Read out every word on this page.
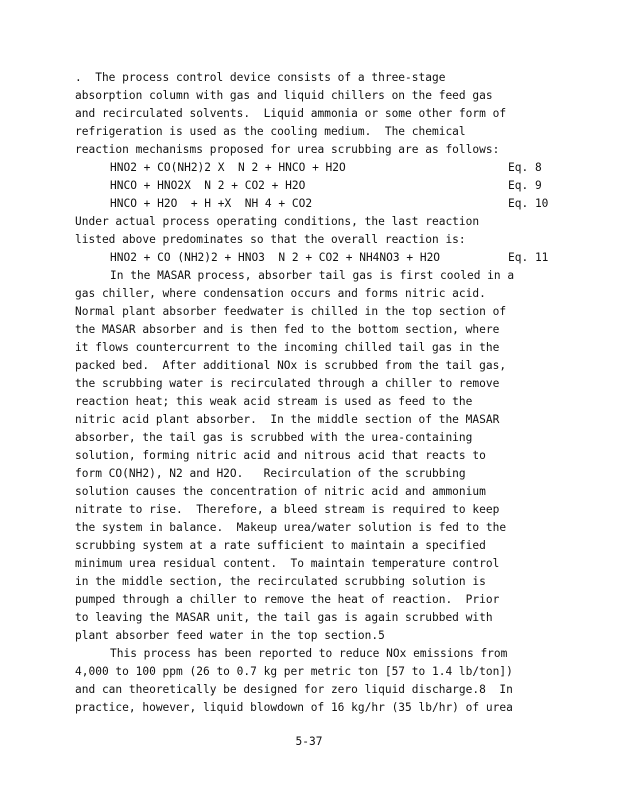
.  The process control device consists of a three-stage
absorption column with gas and liquid chillers on the feed gas
and recirculated solvents.  Liquid ammonia or some other form of
refrigeration is used as the cooling medium.  The chemical
reaction mechanisms proposed for urea scrubbing are as follows:
HNO2 + CO(NH2)2 X  N 2 + HNCO + H2O	Eq. 8
HNCO + HNO2X  N 2 + CO2 + H2O	Eq. 9
HNCO + H2O  + H +X  NH 4 + CO2	Eq. 10
Under actual process operating conditions, the last reaction
listed above predominates so that the overall reaction is:
HNO2 + CO (NH2)2 + HNO3  N 2 + CO2 + NH4NO3 + H2O	Eq. 11
In the MASAR process, absorber tail gas is first cooled in a
gas chiller, where condensation occurs and forms nitric acid.
Normal plant absorber feedwater is chilled in the top section of
the MASAR absorber and is then fed to the bottom section, where
it flows countercurrent to the incoming chilled tail gas in the
packed bed.  After additional NOx is scrubbed from the tail gas,
the scrubbing water is recirculated through a chiller to remove
reaction heat; this weak acid stream is used as feed to the
nitric acid plant absorber.  In the middle section of the MASAR
absorber, the tail gas is scrubbed with the urea-containing
solution, forming nitric acid and nitrous acid that reacts to
form CO(NH2), N2 and H2O.   Recirculation of the scrubbing
solution causes the concentration of nitric acid and ammonium
nitrate to rise.  Therefore, a bleed stream is required to keep
the system in balance.  Makeup urea/water solution is fed to the
scrubbing system at a rate sufficient to maintain a specified
minimum urea residual content.  To maintain temperature control
in the middle section, the recirculated scrubbing solution is
pumped through a chiller to remove the heat of reaction.  Prior
to leaving the MASAR unit, the tail gas is again scrubbed with
plant absorber feed water in the top section.5
This process has been reported to reduce NOx emissions from
4,000 to 100 ppm (26 to 0.7 kg per metric ton [57 to 1.4 lb/ton])
and can theoretically be designed for zero liquid discharge.8  In
practice, however, liquid blowdown of 16 kg/hr (35 lb/hr) of urea
5-37
